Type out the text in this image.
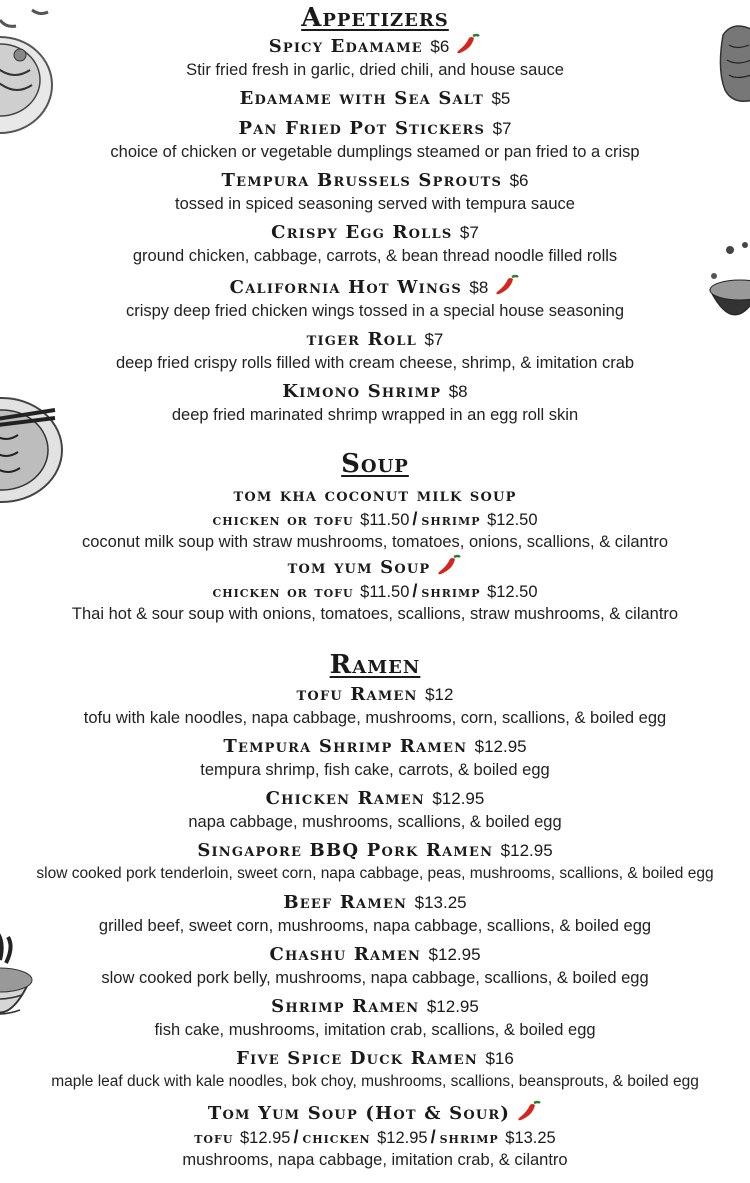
Appetizers
Spicy Edamame $6
Stir fried fresh in garlic, dried chili, and house sauce
Edamame with Sea Salt $5
Pan Fried Pot Stickers $7
choice of chicken or vegetable dumplings steamed or pan fried to a crisp
Tempura Brussels Sprouts $6
tossed in spiced seasoning served with tempura sauce
Crispy Egg Rolls $7
ground chicken, cabbage, carrots, & bean thread noodle filled rolls
California Hot Wings $8
crispy deep fried chicken wings tossed in a special house seasoning
tiger Roll $7
deep fried crispy rolls filled with cream cheese, shrimp, & imitation crab
Kimono Shrimp $8
deep fried marinated shrimp wrapped in an egg roll skin
Soup
tom kha coconut milk soup
chicken or tofu $11.50 / shrimp $12.50
coconut milk soup with straw mushrooms, tomatoes, onions, scallions, & cilantro
tom yum Soup
chicken or tofu $11.50 / shrimp $12.50
Thai hot & sour soup with onions, tomatoes, scallions, straw mushrooms, & cilantro
Ramen
tofu Ramen $12
tofu with kale noodles, napa cabbage, mushrooms, corn, scallions, & boiled egg
Tempura Shrimp Ramen $12.95
tempura shrimp, fish cake, carrots, & boiled egg
Chicken Ramen $12.95
napa cabbage, mushrooms, scallions, & boiled egg
Singapore BBQ Pork Ramen $12.95
slow cooked pork tenderloin, sweet corn, napa cabbage, peas, mushrooms, scallions, & boiled egg
Beef Ramen $13.25
grilled beef, sweet corn, mushrooms, napa cabbage, scallions, & boiled egg
Chashu Ramen $12.95
slow cooked pork belly, mushrooms, napa cabbage, scallions, & boiled egg
Shrimp Ramen $12.95
fish cake, mushrooms, imitation crab, scallions, & boiled egg
Five Spice Duck Ramen $16
maple leaf duck with kale noodles, bok choy, mushrooms, scallions, beansprouts, & boiled egg
Tom Yum Soup (Hot & Sour)
tofu $12.95 / chicken $12.95 / shrimp $13.25
mushrooms, napa cabbage, imitation crab, & cilantro
